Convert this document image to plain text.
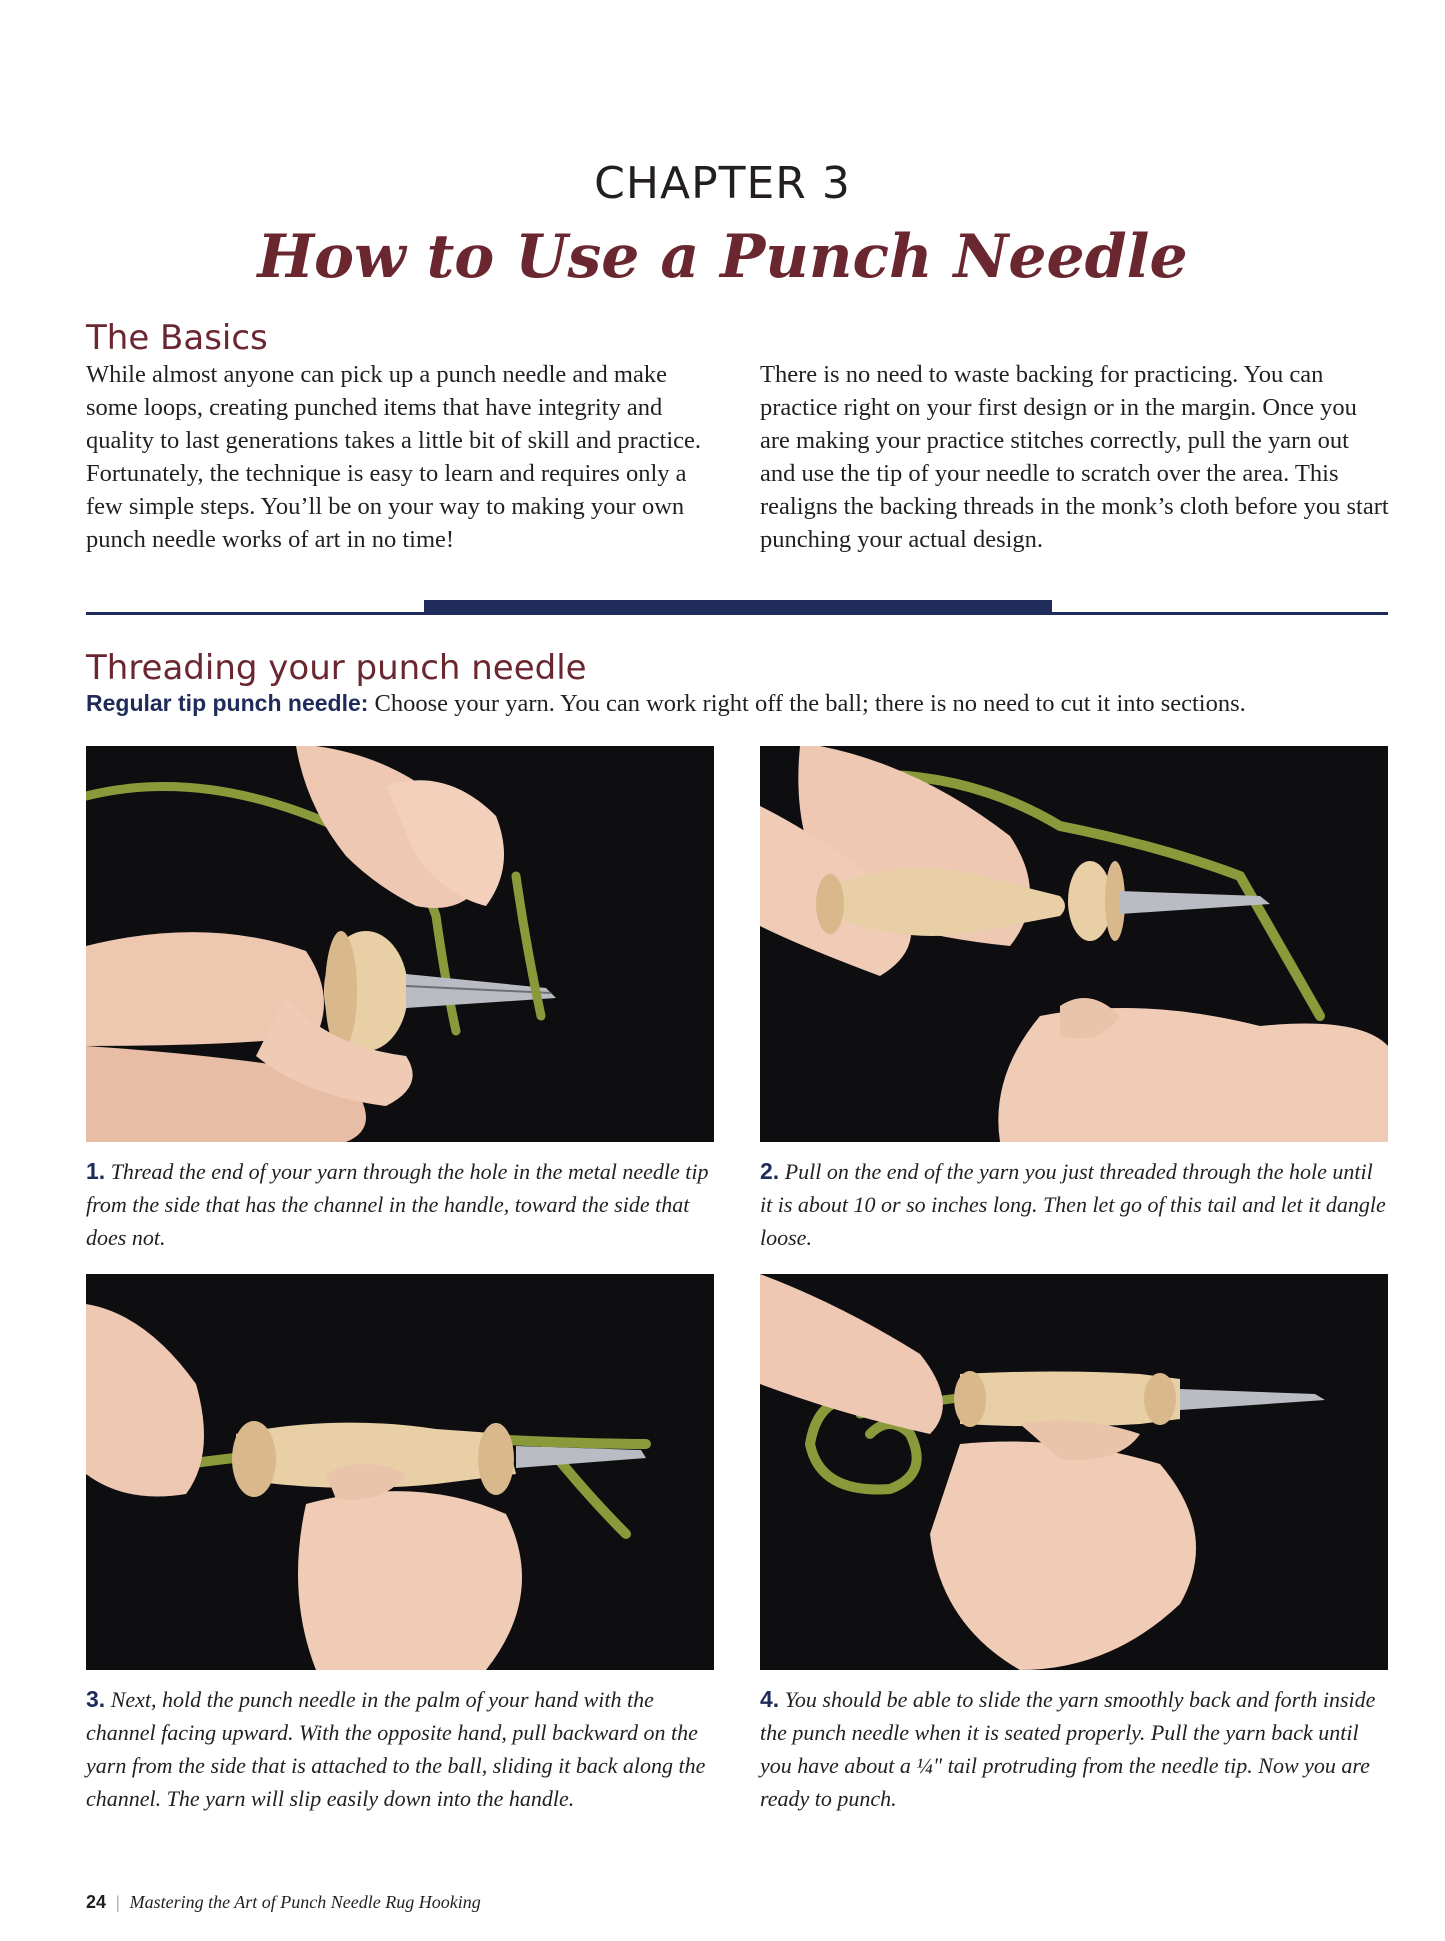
CHAPTER 3
How to Use a Punch Needle
The Basics
While almost anyone can pick up a punch needle and make some loops, creating punched items that have integrity and quality to last generations takes a little bit of skill and practice. Fortunately, the technique is easy to learn and requires only a few simple steps. You’ll be on your way to making your own punch needle works of art in no time!
There is no need to waste backing for practicing. You can practice right on your first design or in the margin. Once you are making your practice stitches correctly, pull the yarn out and use the tip of your needle to scratch over the area. This realigns the backing threads in the monk’s cloth before you start punching your actual design.
Threading your punch needle
Regular tip punch needle: Choose your yarn. You can work right off the ball; there is no need to cut it into sections.
1. Thread the end of your yarn through the hole in the metal needle tip from the side that has the channel in the handle, toward the side that does not.
2. Pull on the end of the yarn you just threaded through the hole until it is about 10 or so inches long. Then let go of this tail and let it dangle loose.
3. Next, hold the punch needle in the palm of your hand with the channel facing upward. With the opposite hand, pull backward on the yarn from the side that is attached to the ball, sliding it back along the channel. The yarn will slip easily down into the handle.
4. You should be able to slide the yarn smoothly back and forth inside the punch needle when it is seated properly. Pull the yarn back until you have about a ¼" tail protruding from the needle tip. Now you are ready to punch.
24 | Mastering the Art of Punch Needle Rug Hooking
